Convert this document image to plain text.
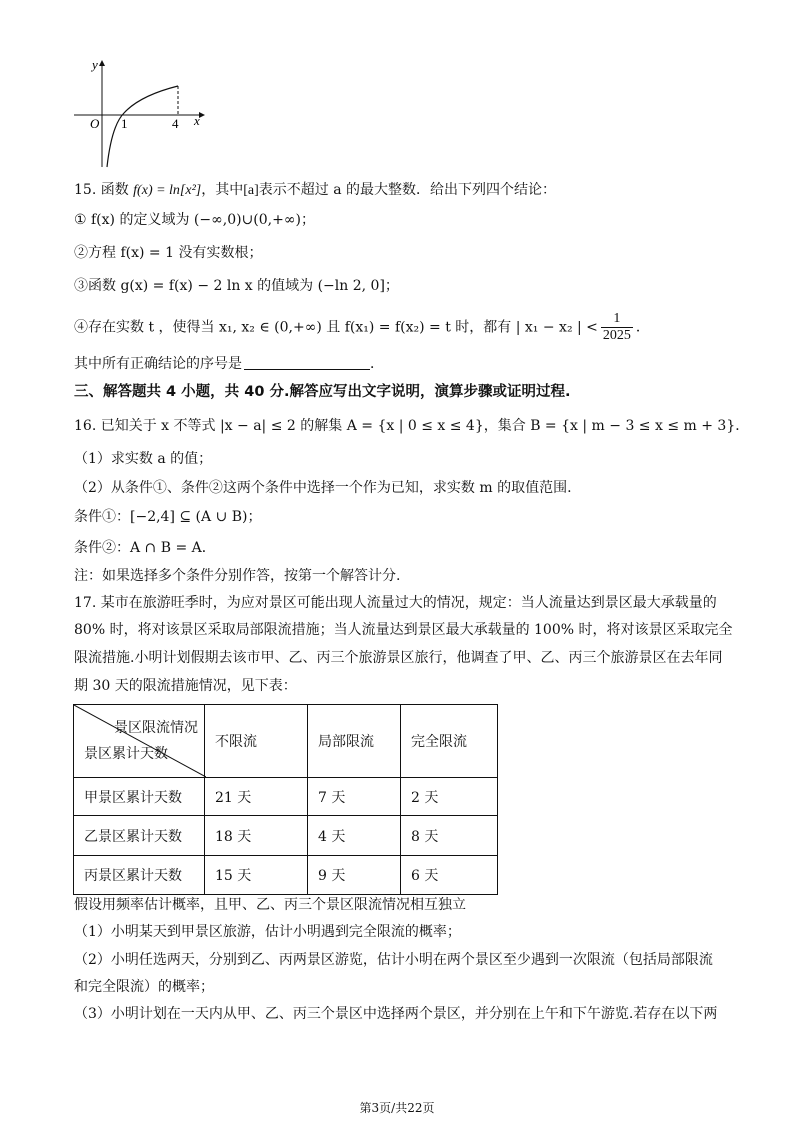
y
x
O 1	4
15. 函数 f(x) = ln[x²]，其中[a]表示不超过 a 的最大整数．给出下列四个结论：
① f(x) 的定义域为 (−∞,0)∪(0,+∞)；
②方程 f(x) = 1 没有实数根；
③函数 g(x) = f(x) − 2 ln x 的值域为 (−ln 2, 0]；
④存在实数 t ，使得当 x₁, x₂ ∈ (0,+∞) 且 f(x₁) = f(x₂) = t 时，都有 | x₁ − x₂ | < $\frac{1}{2025}$ ．
其中所有正确结论的序号是	．
三、解答题共 4 小题，共 40 分.解答应写出文字说明，演算步骤或证明过程.
16. 已知关于 x 不等式 |x − a| ≤ 2 的解集 A = {x | 0 ≤ x ≤ 4}，集合 B = {x | m − 3 ≤ x ≤ m + 3}．
（1）求实数 a 的值；
（2）从条件①、条件②这两个条件中选择一个作为已知，求实数 m 的取值范围.
条件①：[−2,4] ⊆ (A ∪ B)；
条件②：A ∩ B = A．
注：如果选择多个条件分别作答，按第一个解答计分.
17. 某市在旅游旺季时，为应对景区可能出现人流量过大的情况，规定：当人流量达到景区最大承载量的
80% 时，将对该景区采取局部限流措施；当人流量达到景区最大承载量的 100% 时，将对该景区采取完全
限流措施.小明计划假期去该市甲、乙、丙三个旅游景区旅行，他调查了甲、乙、丙三个旅游景区在去年同
期 30 天的限流措施情况，见下表：
景区限流情况
景区累计天数	不限流	局部限流	完全限流
甲景区累计天数	21 天	7 天	2 天
乙景区累计天数	18 天	4 天	8 天
丙景区累计天数	15 天	9 天	6 天
假设用频率估计概率，且甲、乙、丙三个景区限流情况相互独立
（1）小明某天到甲景区旅游，估计小明遇到完全限流的概率；
（2）小明任选两天，分别到乙、丙两景区游览，估计小明在两个景区至少遇到一次限流（包括局部限流
和完全限流）的概率；
（3）小明计划在一天内从甲、乙、丙三个景区中选择两个景区，并分别在上午和下午游览.若存在以下两
第3页/共22页
